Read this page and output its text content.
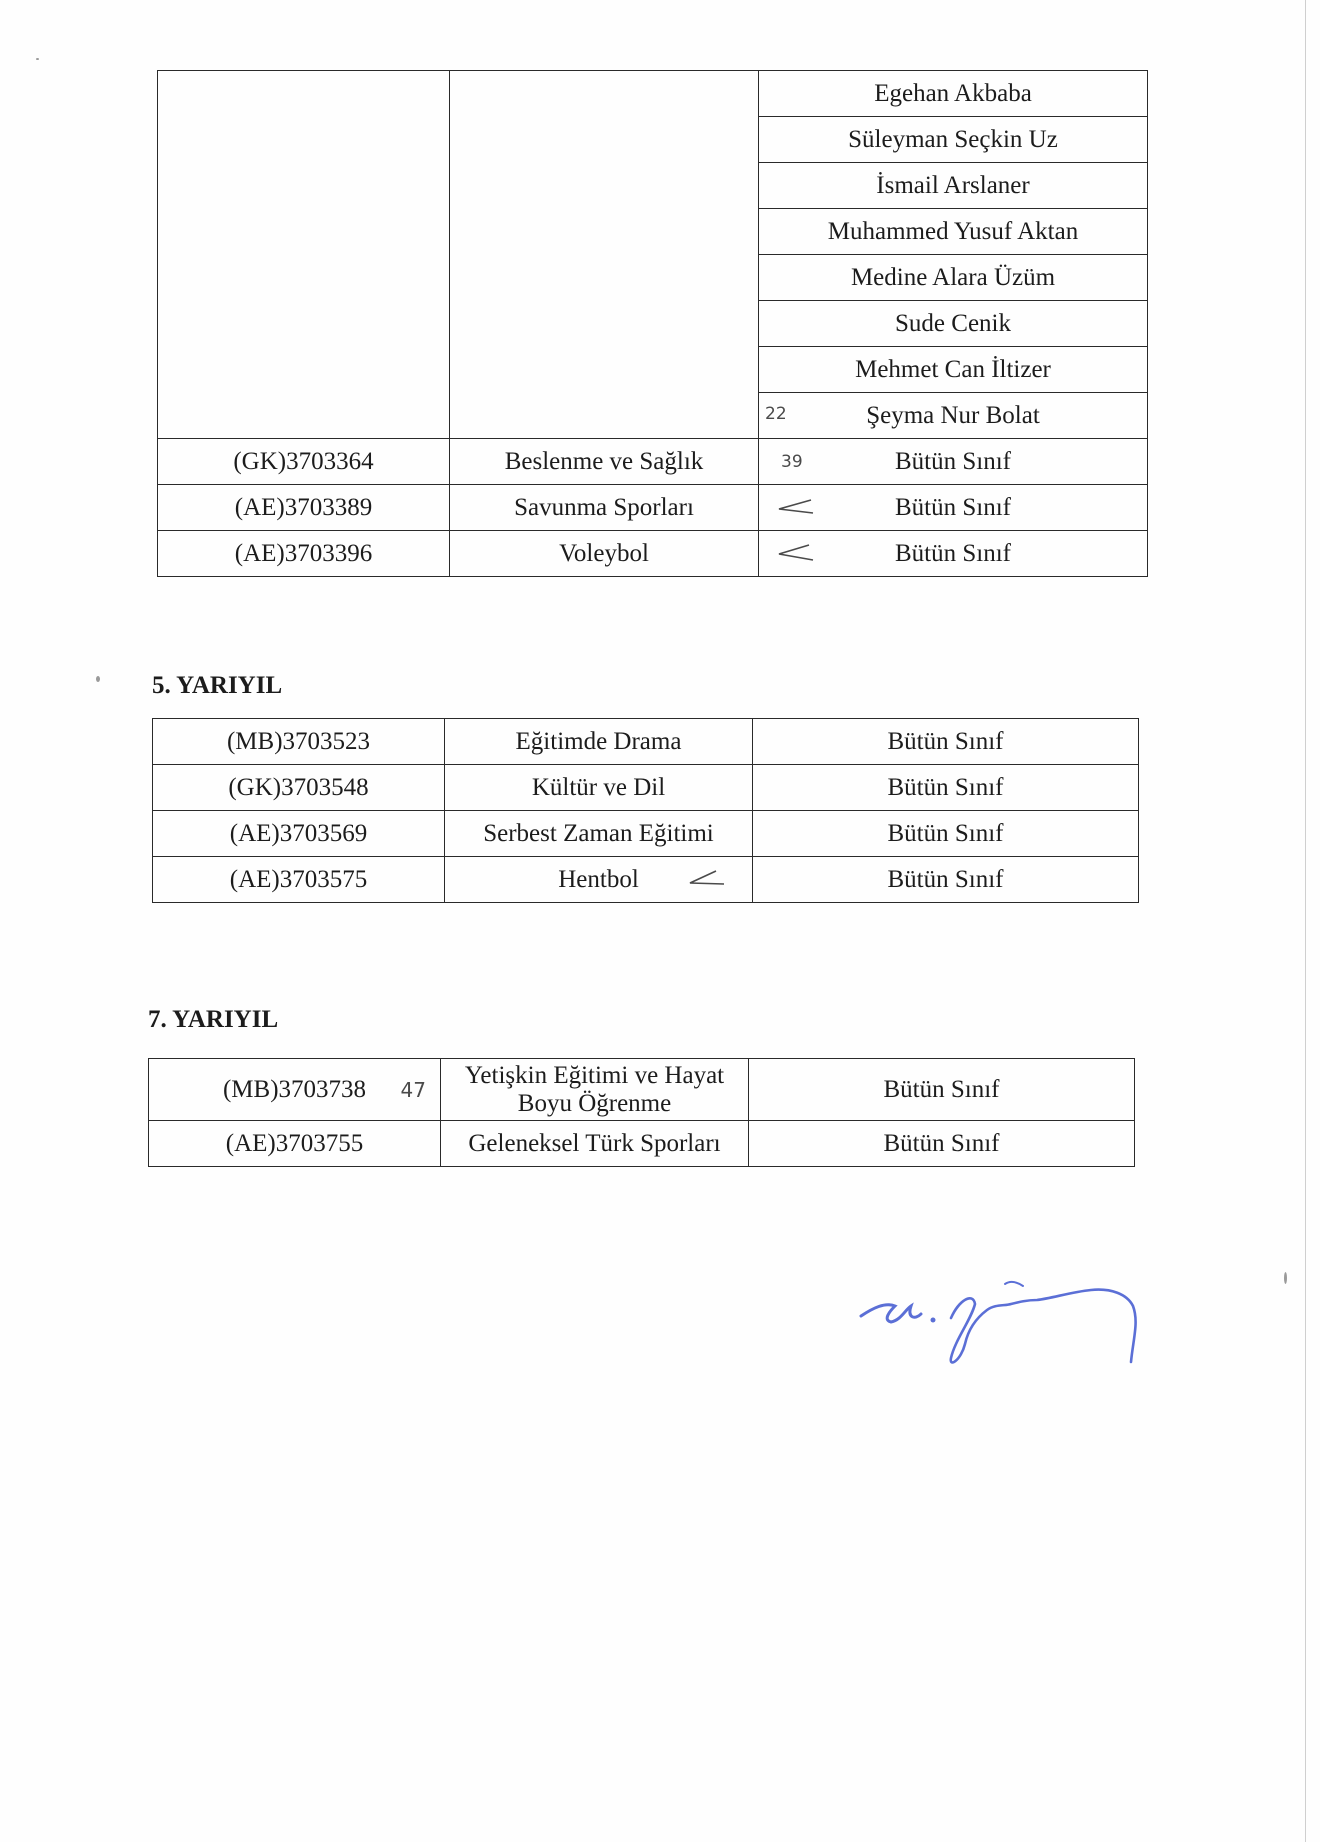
		Egehan Akbaba
		Süleyman Seçkin Uz
		İsmail Arslaner
		Muhammed Yusuf Aktan
		Medine Alara Üzüm
		Sude Cenik
		Mehmet Can İltizer

		22 Şeyma Nur Bolat
(GK)3703364	Beslenme ve Sağlık	39 Bütün Sınıf
(AE)3703389	Savunma Sporları	Bütün Sınıf
(AE)3703396	Voleybol	Bütün Sınıf
5. YARIYIL
(MB)3703523	Eğitimde Drama	Bütün Sınıf
(GK)3703548	Kültür ve Dil	Bütün Sınıf
(AE)3703569	Serbest Zaman Eğitimi	Bütün Sınıf
(AE)3703575	Hentbol	Bütün Sınıf
7. YARIYIL
(MB)3703738 47	Yetişkin Eğitimi ve Hayat Boyu Öğrenme	Bütün Sınıf
(AE)3703755	Geleneksel Türk Sporları	Bütün Sınıf
